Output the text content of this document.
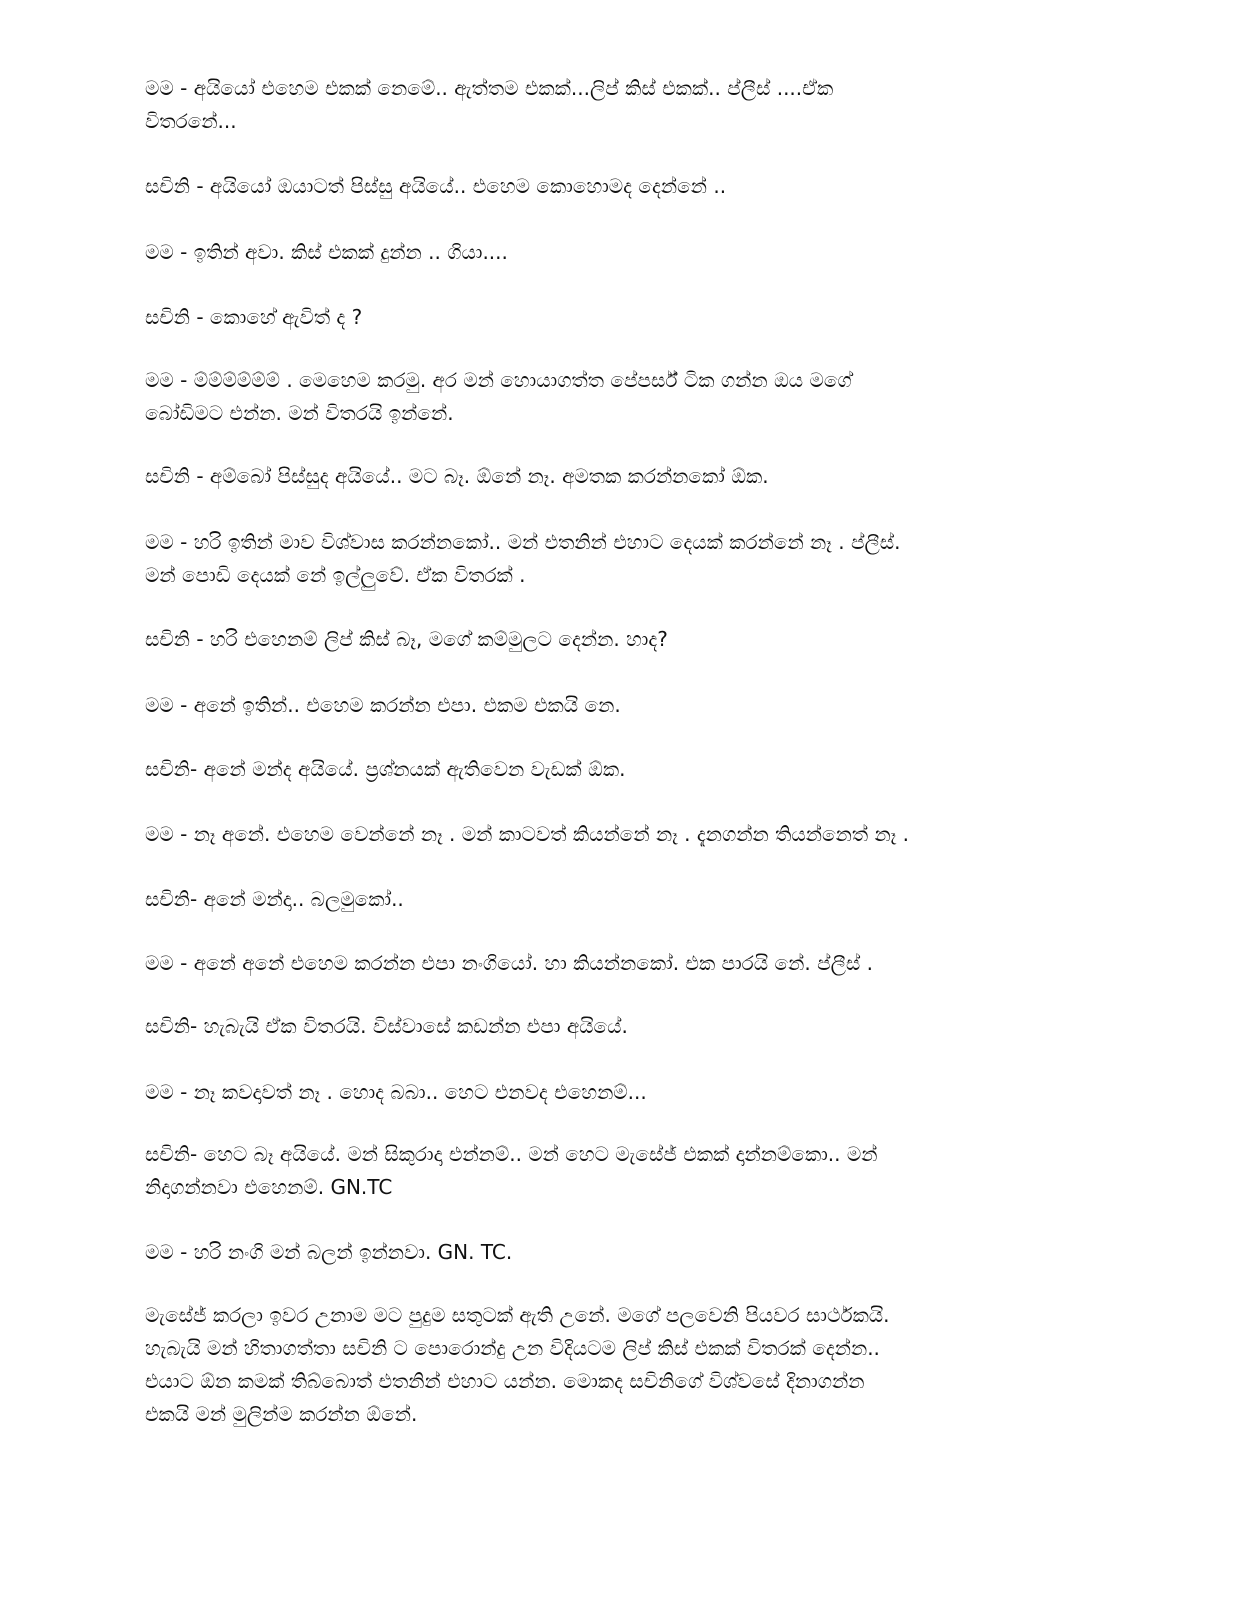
මම - අයියෝ එහෙම එකක් නෙමේ.. ඇත්තම එකක්...ලිප් කිස් එකක්.. ප්ලීස් ....ඒක
විතරනේ...

සචිනි - අයියෝ ඔයාටත් පිස්සු අයියේ.. එහෙම කොහොමද දෙන්නේ ..

මම - ඉතින් අවා. කිස් එකක් දුන්න .. ගියා....

සචිනි - කොහේ ඇවිත් ද ?

මම - ම්ම්ම්ම්ම්ම් . මෙහෙම කරමු. අර මන් හොයාගත්ත පේපර්ස් ටික ගන්න ඔය මගේ
බෝඩිමට එන්න. මන් විතරයි ඉන්නේ.

සචිනි - අම්බෝ පිස්සුද අයියේ.. මට බෑ. ඕනේ නෑ. අමතක කරන්නකෝ ඕක.

මම - හරි ඉතින් මාව විශ්වාස කරන්නකෝ.. මන් එතනින් එහාට දෙයක් කරන්නේ නෑ . ප්ලීස්.
මන් පොඩි දෙයක් නේ ඉල්ලුවේ. ඒක විතරක් .

සචිනි - හරි එහෙනම් ලිප් කිස් බෑ, මගේ කම්මුලට දෙන්න. හාද?

මම - අනේ ඉතින්.. එහෙම කරන්න එපා. එකම එකයි නෙ.

සචිනි- අනේ මන්ද අයියේ. ප්‍රශ්නයක් ඇතිවෙන වැඩක් ඕක.

මම - නෑ අනේ. එහෙම වෙන්නේ නෑ . මන් කාටවත් කියන්නේ නෑ . දැනගන්න තියන්නෙත් නෑ .

සචිනි- අනේ මන්දා.. බලමුකෝ..

මම - අනේ අනේ එහෙම කරන්න එපා නංගියෝ. හා කියන්නකෝ. එක පාරයි නේ. ප්ලීස් .

සචිනි- හැබැයි ඒක විතරයි. විස්වාසේ කඩන්න එපා අයියේ.

මම - නෑ කවදාවත් නෑ . හොද බබා.. හෙට එනවද එහෙනම්...

සචිනි- හෙට බෑ අයියේ. මන් සිකුරාදා එන්නම්.. මන් හෙට මැසේජ් එකක් දාන්නම්කො.. මන්
නිදාගන්නවා එහෙනම්. GN.TC

මම - හරි නංගි මන් බලන් ඉන්නවා. GN. TC.

මැසේජ් කරලා ඉවර උනාම මට පුදුම සතුටක් ඇති උනේ. මගේ පලවෙනි පියවර සාර්ථකයි.
හැබැයි මන් හිතාගත්තා සචිනි ට පොරොන්දු උන විදියටම ලිප් කිස් එකක් විතරක් දෙන්න..
එයාට ඕන කමක් තිබ්බොත් එතනින් එහාට යන්න. මොකද සචිනිගේ විශ්වසේ දිනාගන්න
එකයි මන් මුලින්ම කරන්න ඕනේ.
